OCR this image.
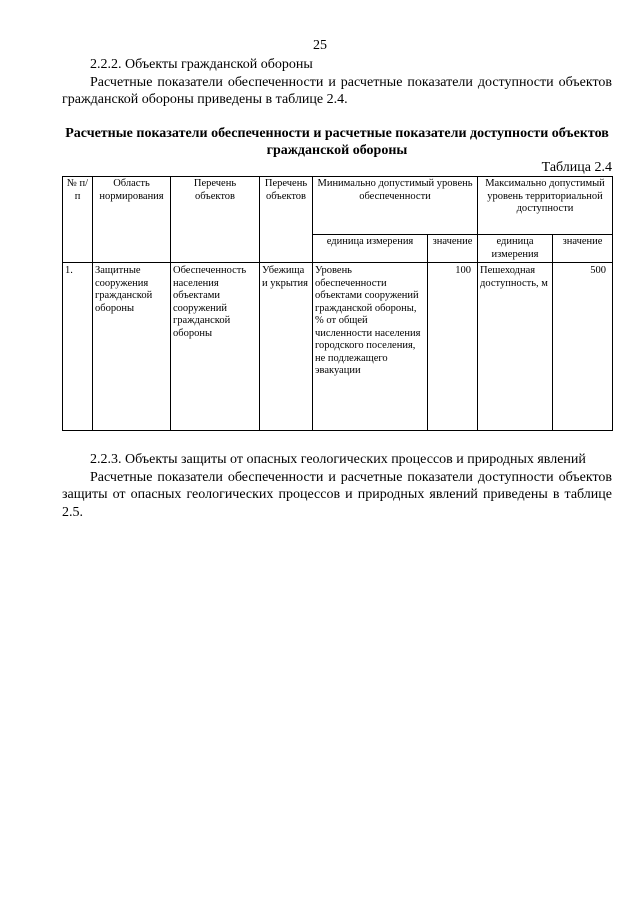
25

2.2.2. Объекты гражданской обороны

Расчетные показатели обеспеченности и расчетные показатели доступности объектов гражданской обороны приведены в таблице 2.4.

Расчетные показатели обеспеченности и расчетные показатели доступности объектов гражданской обороны
Таблица 2.4
№ п/п	Область нормирования	Перечень объектов	Перечень объектов	Минимально допустимый уровень обеспеченности		Максимально допустимый уровень территориальной доступности	
				единица измерения	значение	единица измерения	значение
1.	Защитные сооружения гражданской обороны	Обеспеченность населения объектами сооружений гражданской обороны	Убежища и укрытия	Уровень обеспеченности объектами сооружений гражданской обороны, % от общей численности населения городского поселения, не подлежащего эвакуации	100	Пешеходная доступность, м	500

2.2.3. Объекты защиты от опасных геологических процессов и природных явлений

Расчетные показатели обеспеченности и расчетные показатели доступности объектов защиты от опасных геологических процессов и природных явлений приведены в таблице 2.5.
